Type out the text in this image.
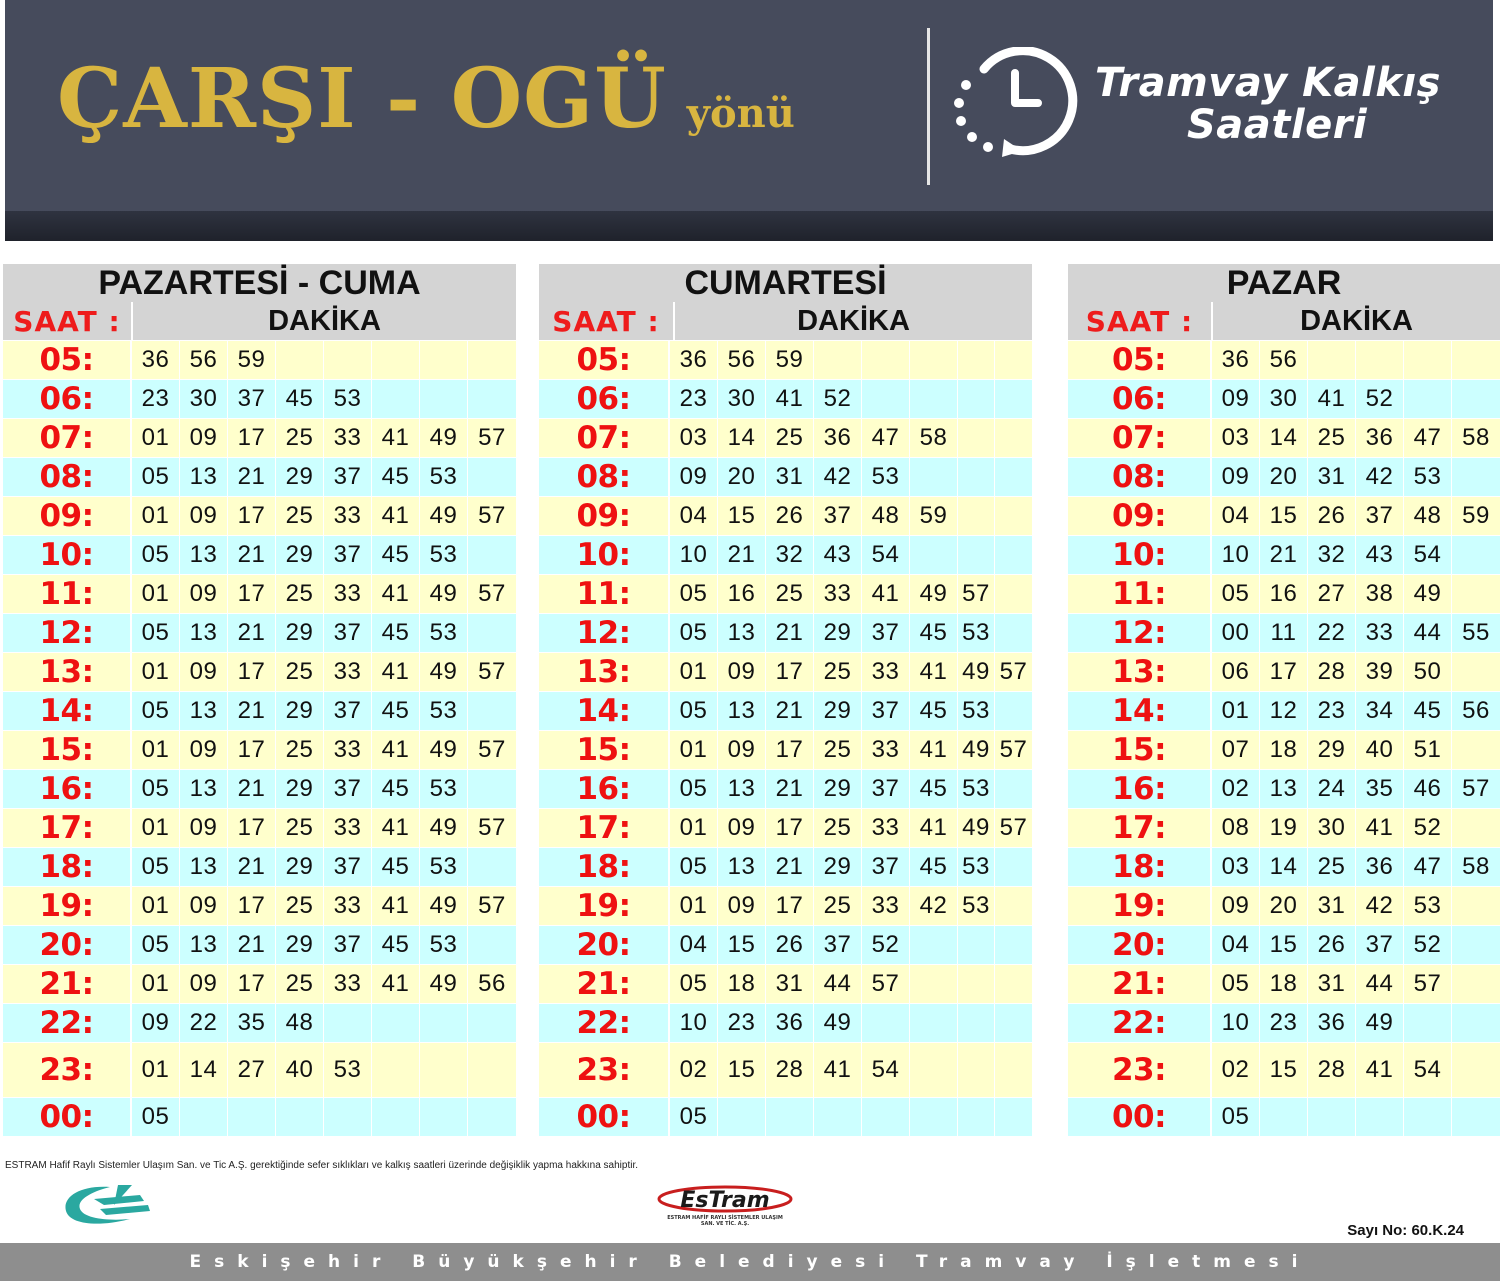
ÇARŞI - OGÜ yönü
Tramvay Kalkış
Saatleri
PAZARTESİ - CUMA
SAAT :	DAKİKA
05:	36 56 59
06:	23 30 37 45 53
07:	01 09 17 25 33 41 49 57
08:	05 13 21 29 37 45 53
09:	01 09 17 25 33 41 49 57
10:	05 13 21 29 37 45 53
11:	01 09 17 25 33 41 49 57
12:	05 13 21 29 37 45 53
13:	01 09 17 25 33 41 49 57
14:	05 13 21 29 37 45 53
15:	01 09 17 25 33 41 49 57
16:	05 13 21 29 37 45 53
17:	01 09 17 25 33 41 49 57
18:	05 13 21 29 37 45 53
19:	01 09 17 25 33 41 49 57
20:	05 13 21 29 37 45 53
21:	01 09 17 25 33 41 49 56
22:	09 22 35 48
23:	01 14 27 40 53
00:	05
CUMARTESİ
SAAT :	DAKİKA
05:	36 56 59
06:	23 30 41 52
07:	03 14 25 36 47 58
08:	09 20 31 42 53
09:	04 15 26 37 48 59
10:	10 21 32 43 54
11:	05 16 25 33 41 49 57
12:	05 13 21 29 37 45 53
13:	01 09 17 25 33 41 49 57
14:	05 13 21 29 37 45 53
15:	01 09 17 25 33 41 49 57
16:	05 13 21 29 37 45 53
17:	01 09 17 25 33 41 49 57
18:	05 13 21 29 37 45 53
19:	01 09 17 25 33 42 53
20:	04 15 26 37 52
21:	05 18 31 44 57
22:	10 23 36 49
23:	02 15 28 41 54
00:	05
PAZAR
SAAT :	DAKİKA
05:	36 56
06:	09 30 41 52
07:	03 14 25 36 47 58
08:	09 20 31 42 53
09:	04 15 26 37 48 59
10:	10 21 32 43 54
11:	05 16 27 38 49
12:	00 11 22 33 44 55
13:	06 17 28 39 50
14:	01 12 23 34 45 56
15:	07 18 29 40 51
16:	02 13 24 35 46 57
17:	08 19 30 41 52
18:	03 14 25 36 47 58
19:	09 20 31 42 53
20:	04 15 26 37 52
21:	05 18 31 44 57
22:	10 23 36 49
23:	02 15 28 41 54
00:	05
ESTRAM Hafif Raylı Sistemler Ulaşım San. ve Tic A.Ş. gerektiğinde sefer sıklıkları ve kalkış saatleri üzerinde değişiklik yapma hakkına sahiptir.
EsTram
ESTRAM HAFİF RAYLI SİSTEMLER ULAŞIM
SAN. VE TİC. A.Ş.	Sayı No: 60.K.24
Eskişehir Büyükşehir Belediyesi Tramvay İşletmesi
